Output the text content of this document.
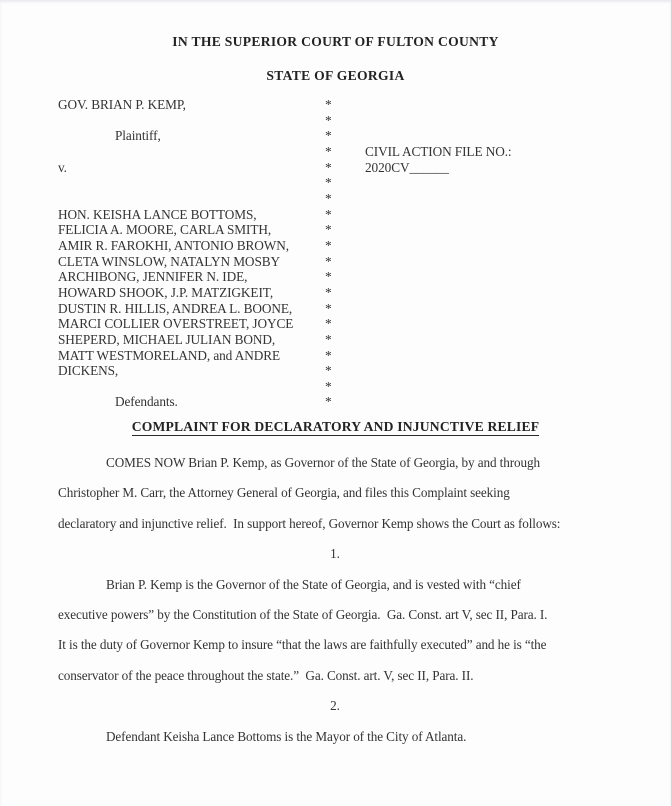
IN THE SUPERIOR COURT OF FULTON COUNTY
STATE OF GEORGIA
GOV. BRIAN P. KEMP,	*
*
Plaintiff,	*
*	CIVIL ACTION FILE NO.:
v.	*	2020CV______
*
*
HON. KEISHA LANCE BOTTOMS,	*
FELICIA A. MOORE, CARLA SMITH,	*
AMIR R. FAROKHI, ANTONIO BROWN,	*
CLETA WINSLOW, NATALYN MOSBY	*
ARCHIBONG, JENNIFER N. IDE,	*
HOWARD SHOOK, J.P. MATZIGKEIT,	*
DUSTIN R. HILLIS, ANDREA L. BOONE, *
MARCI COLLIER OVERSTREET, JOYCE *
SHEPERD, MICHAEL JULIAN BOND,	*
MATT WESTMORELAND, and ANDRE	*
DICKENS,	*
*
Defendants.	*
COMPLAINT FOR DECLARATORY AND INJUNCTIVE RELIEF
COMES NOW Brian P. Kemp, as Governor of the State of Georgia, by and through
Christopher M. Carr, the Attorney General of Georgia, and files this Complaint seeking
declaratory and injunctive relief.  In support hereof, Governor Kemp shows the Court as follows:
1.
Brian P. Kemp is the Governor of the State of Georgia, and is vested with “chief
executive powers” by the Constitution of the State of Georgia.  Ga. Const. art V, sec II, Para. I.
It is the duty of Governor Kemp to insure “that the laws are faithfully executed” and he is “the
conservator of the peace throughout the state.”  Ga. Const. art. V, sec II, Para. II.
2.
Defendant Keisha Lance Bottoms is the Mayor of the City of Atlanta.
